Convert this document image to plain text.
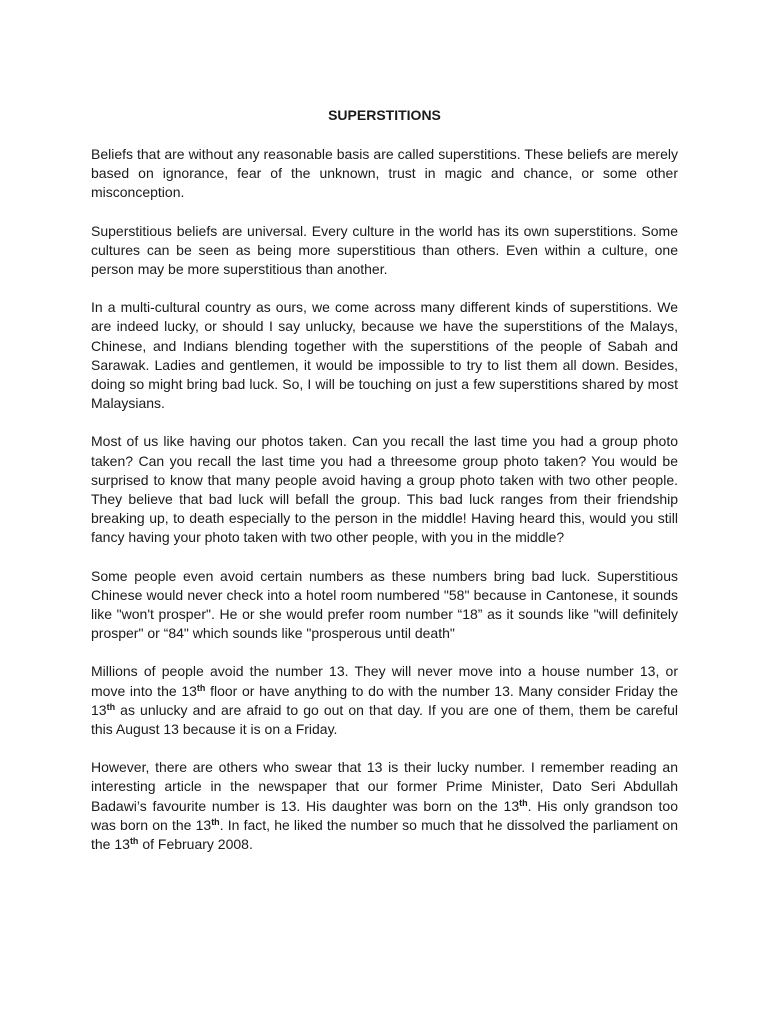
SUPERSTITIONS

Beliefs that are without any reasonable basis are called superstitions. These beliefs are merely based on ignorance, fear of the unknown, trust in magic and chance, or some other misconception.

Superstitious beliefs are universal. Every culture in the world has its own superstitions. Some cultures can be seen as being more superstitious than others. Even within a culture, one person may be more superstitious than another.

In a multi-cultural country as ours, we come across many different kinds of superstitions. We are indeed lucky, or should I say unlucky, because we have the superstitions of the Malays, Chinese, and Indians blending together with the superstitions of the people of Sabah and Sarawak. Ladies and gentlemen, it would be impossible to try to list them all down. Besides, doing so might bring bad luck. So, I will be touching on just a few superstitions shared by most Malaysians.

Most of us like having our photos taken. Can you recall the last time you had a group photo taken? Can you recall the last time you had a threesome group photo taken? You would be surprised to know that many people avoid having a group photo taken with two other people. They believe that bad luck will befall the group. This bad luck ranges from their friendship breaking up, to death especially to the person in the middle! Having heard this, would you still fancy having your photo taken with two other people, with you in the middle?

Some people even avoid certain numbers as these numbers bring bad luck. Superstitious Chinese would never check into a hotel room numbered "58" because in Cantonese, it sounds like "won't prosper". He or she would prefer room number “18” as it sounds like "will definitely prosper" or “84" which sounds like "prosperous until death"

Millions of people avoid the number 13. They will never move into a house number 13, or move into the 13th floor or have anything to do with the number 13. Many consider Friday the 13th as unlucky and are afraid to go out on that day. If you are one of them, them be careful this August 13 because it is on a Friday.

However, there are others who swear that 13 is their lucky number. I remember reading an interesting article in the newspaper that our former Prime Minister, Dato Seri Abdullah Badawi’s favourite number is 13. His daughter was born on the 13th. His only grandson too was born on the 13th. In fact, he liked the number so much that he dissolved the parliament on the 13th of February 2008.
